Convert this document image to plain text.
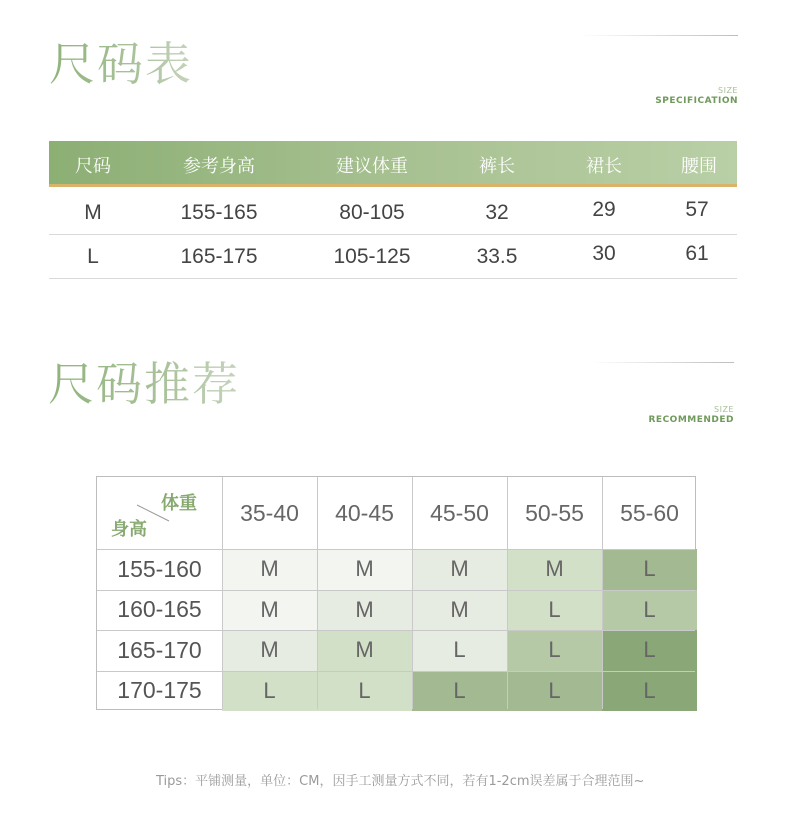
尺码表	SIZE
SPECIFICATION
尺码	参考身高	建议体重	裤长	裙长	腰围
M	155-165	80-105	32	29	57
L	165-175	105-125	33.5	30	61
尺码推荐	SIZE
RECOMMENDED
体重
身高
35-40	40-45	45-50	50-55	55-60
155-160	M	M	M	M	L
160-165	M	M	M	L	L
165-170	M	M	L	L	L
170-175	L	L	L	L	L
Tips：平铺测量，单位：CM，因手工测量方式不同，若有1-2cm误差属于合理范围~
